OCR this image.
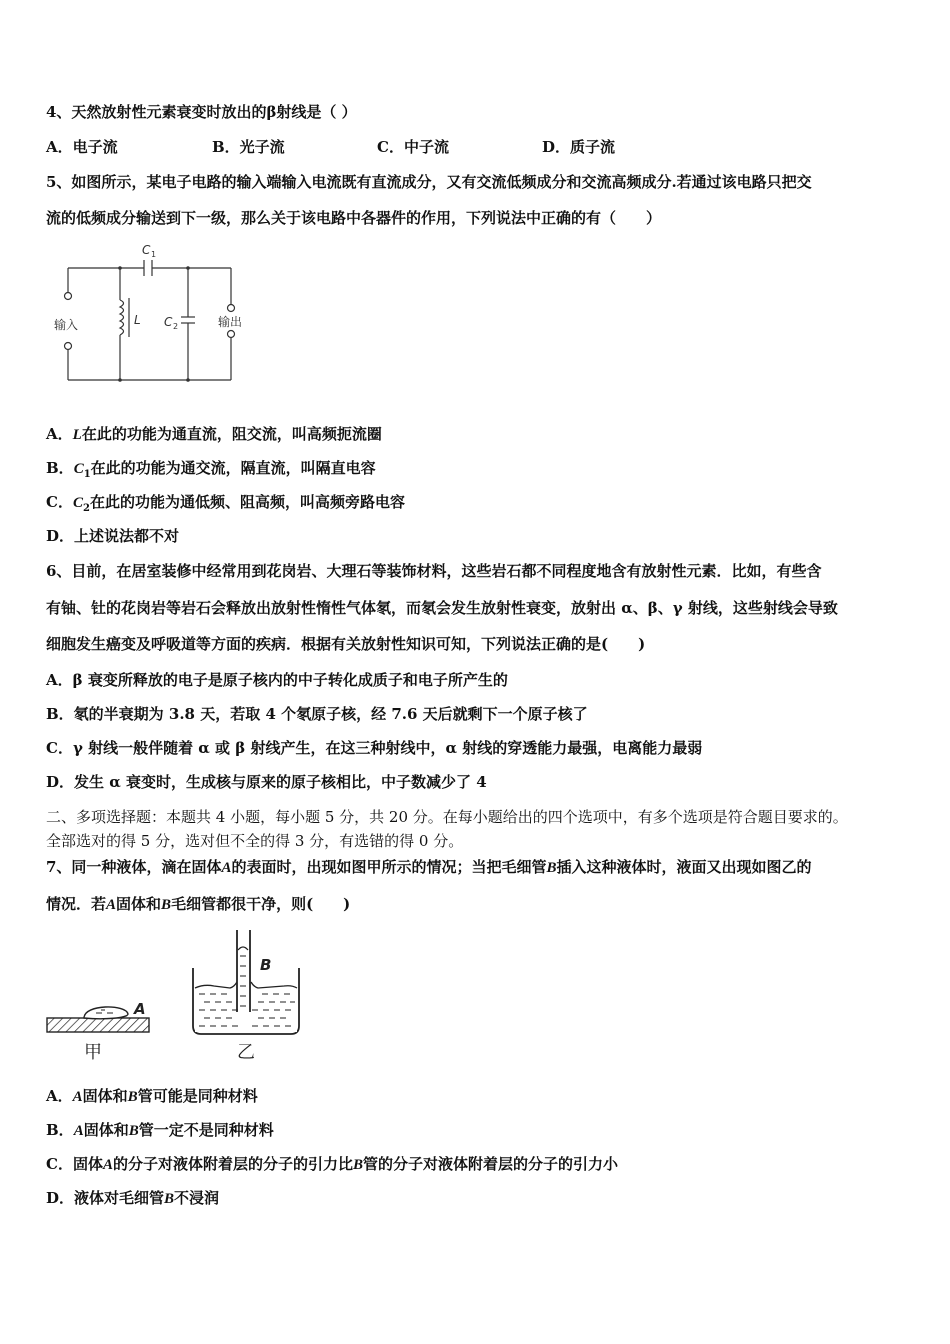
4、天然放射性元素衰变时放出的β射线是（ ）
A．电子流	B．光子流	C．中子流	D．质子流
5、如图所示，某电子电路的输入端输入电流既有直流成分，又有交流低频成分和交流高频成分.若通过该电路只把交
流的低频成分输送到下一级，那么关于该电路中各器件的作用，下列说法中正确的有（　　）
C 1
L C 2
输入	输出
A．L在此的功能为通直流，阻交流，叫高频扼流圈
B．$C_1$在此的功能为通交流，隔直流，叫隔直电容
C．$C_2$在此的功能为通低频、阻高频，叫高频旁路电容
D．上述说法都不对
6、目前，在居室装修中经常用到花岗岩、大理石等装饰材料，这些岩石都不同程度地含有放射性元素．比如，有些含
有铀、钍的花岗岩等岩石会释放出放射性惰性气体氡，而氡会发生放射性衰变，放射出 α、β、γ 射线，这些射线会导致
细胞发生癌变及呼吸道等方面的疾病．根据有关放射性知识可知，下列说法正确的是(　　)
A．β 衰变所释放的电子是原子核内的中子转化成质子和电子所产生的
B．氡的半衰期为 3.8 天，若取 4 个氡原子核，经 7.6 天后就剩下一个原子核了
C．γ 射线一般伴随着 α 或 β 射线产生，在这三种射线中，α 射线的穿透能力最强，电离能力最弱
D．发生 α 衰变时，生成核与原来的原子核相比，中子数减少了 4
二、多项选择题：本题共 4 小题，每小题 5 分，共 20 分。在每小题给出的四个选项中，有多个选项是符合题目要求的。
全部选对的得 5 分，选对但不全的得 3 分，有选错的得 0 分。
7、同一种液体，滴在固体A的表面时，出现如图甲所示的情况；当把毛细管B插入这种液体时，液面又出现如图乙的
情况．若A固体和B毛细管都很干净，则(　　)
A
甲
B
乙
A．A固体和B管可能是同种材料
B．A固体和B管一定不是同种材料
C．固体A的分子对液体附着层的分子的引力比B管的分子对液体附着层的分子的引力小
D．液体对毛细管B不浸润
